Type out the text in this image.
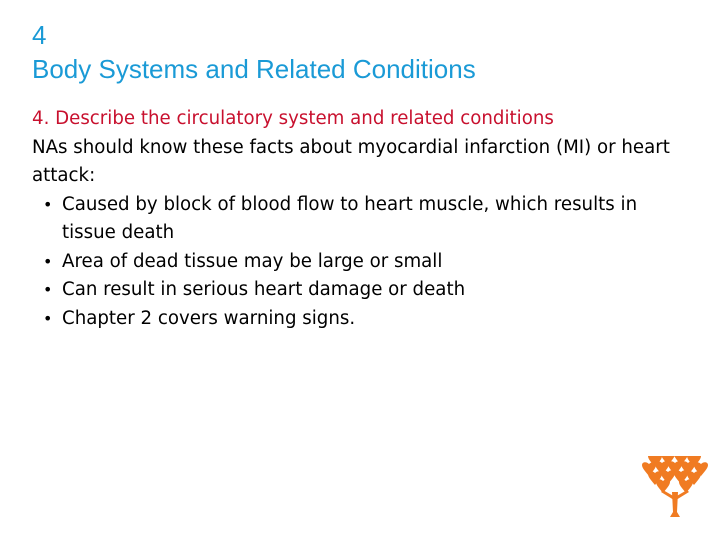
4
Body Systems and Related Conditions
4. Describe the circulatory system and related conditions

NAs should know these facts about myocardial infarction (MI) or heart attack:

• Caused by block of blood flow to heart muscle, which results in tissue death
• Area of dead tissue may be large or small
• Can result in serious heart damage or death
• Chapter 2 covers warning signs.
